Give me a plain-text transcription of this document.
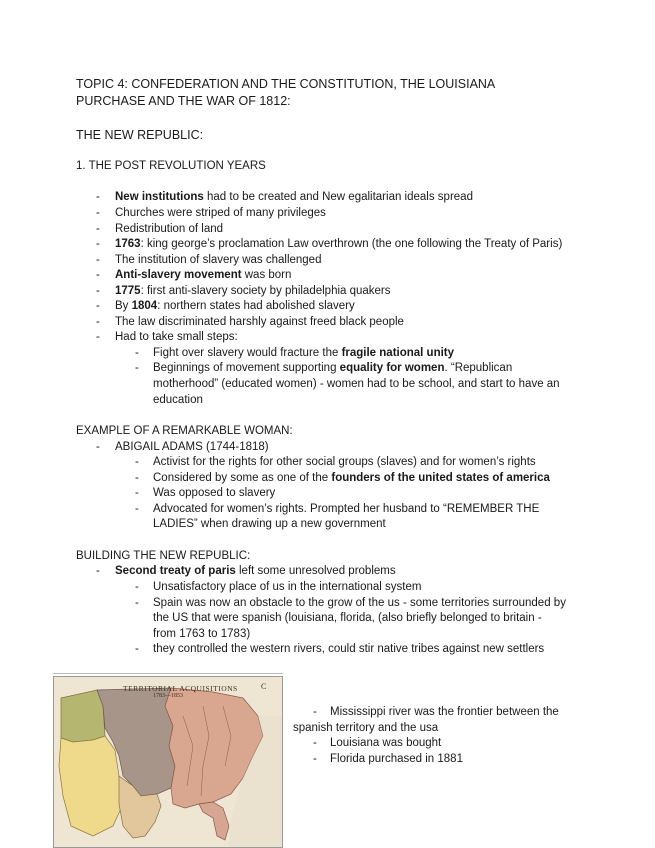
TOPIC 4: CONFEDERATION AND THE CONSTITUTION, THE LOUISIANA
PURCHASE AND THE WAR OF 1812:
THE NEW REPUBLIC:
1. THE POST REVOLUTION YEARS
- New institutions had to be created and New egalitarian ideals spread
- Churches were striped of many privileges
- Redistribution of land
- 1763: king george’s proclamation Law overthrown (the one following the Treaty of Paris)
- The institution of slavery was challenged
- Anti-slavery movement was born
- 1775: first anti-slavery society by philadelphia quakers
- By 1804: northern states had abolished slavery
- The law discriminated harshly against freed black people
- Had to take small steps:
- Fight over slavery would fracture the fragile national unity
- Beginnings of movement supporting equality for women. “Republican
motherhood” (educated women) - women had to be school, and start to have an
education
EXAMPLE OF A REMARKABLE WOMAN:
- ABIGAIL ADAMS (1744-1818)
- Activist for the rights for other social groups (slaves) and for women’s rights
- Considered by some as one of the founders of the united states of america
- Was opposed to slavery
- Advocated for women’s rights. Prompted her husband to “REMEMBER THE
LADIES” when drawing up a new government
BUILDING THE NEW REPUBLIC:
- Second treaty of paris left some unresolved problems
- Unsatisfactory place of us in the international system
- Spain was now an obstacle to the grow of the us - some territories surrounded by
the US that were spanish (louisiana, florida, (also briefly belonged to britain -
from 1763 to 1783)
- they controlled the western rivers, could stir native tribes against new settlers
TERRITORIAL ACQUISITIONS
1783—1853
C
- Mississippi river was the frontier between the
spanish territory and the usa
- Louisiana was bought
- Florida purchased in 1881
